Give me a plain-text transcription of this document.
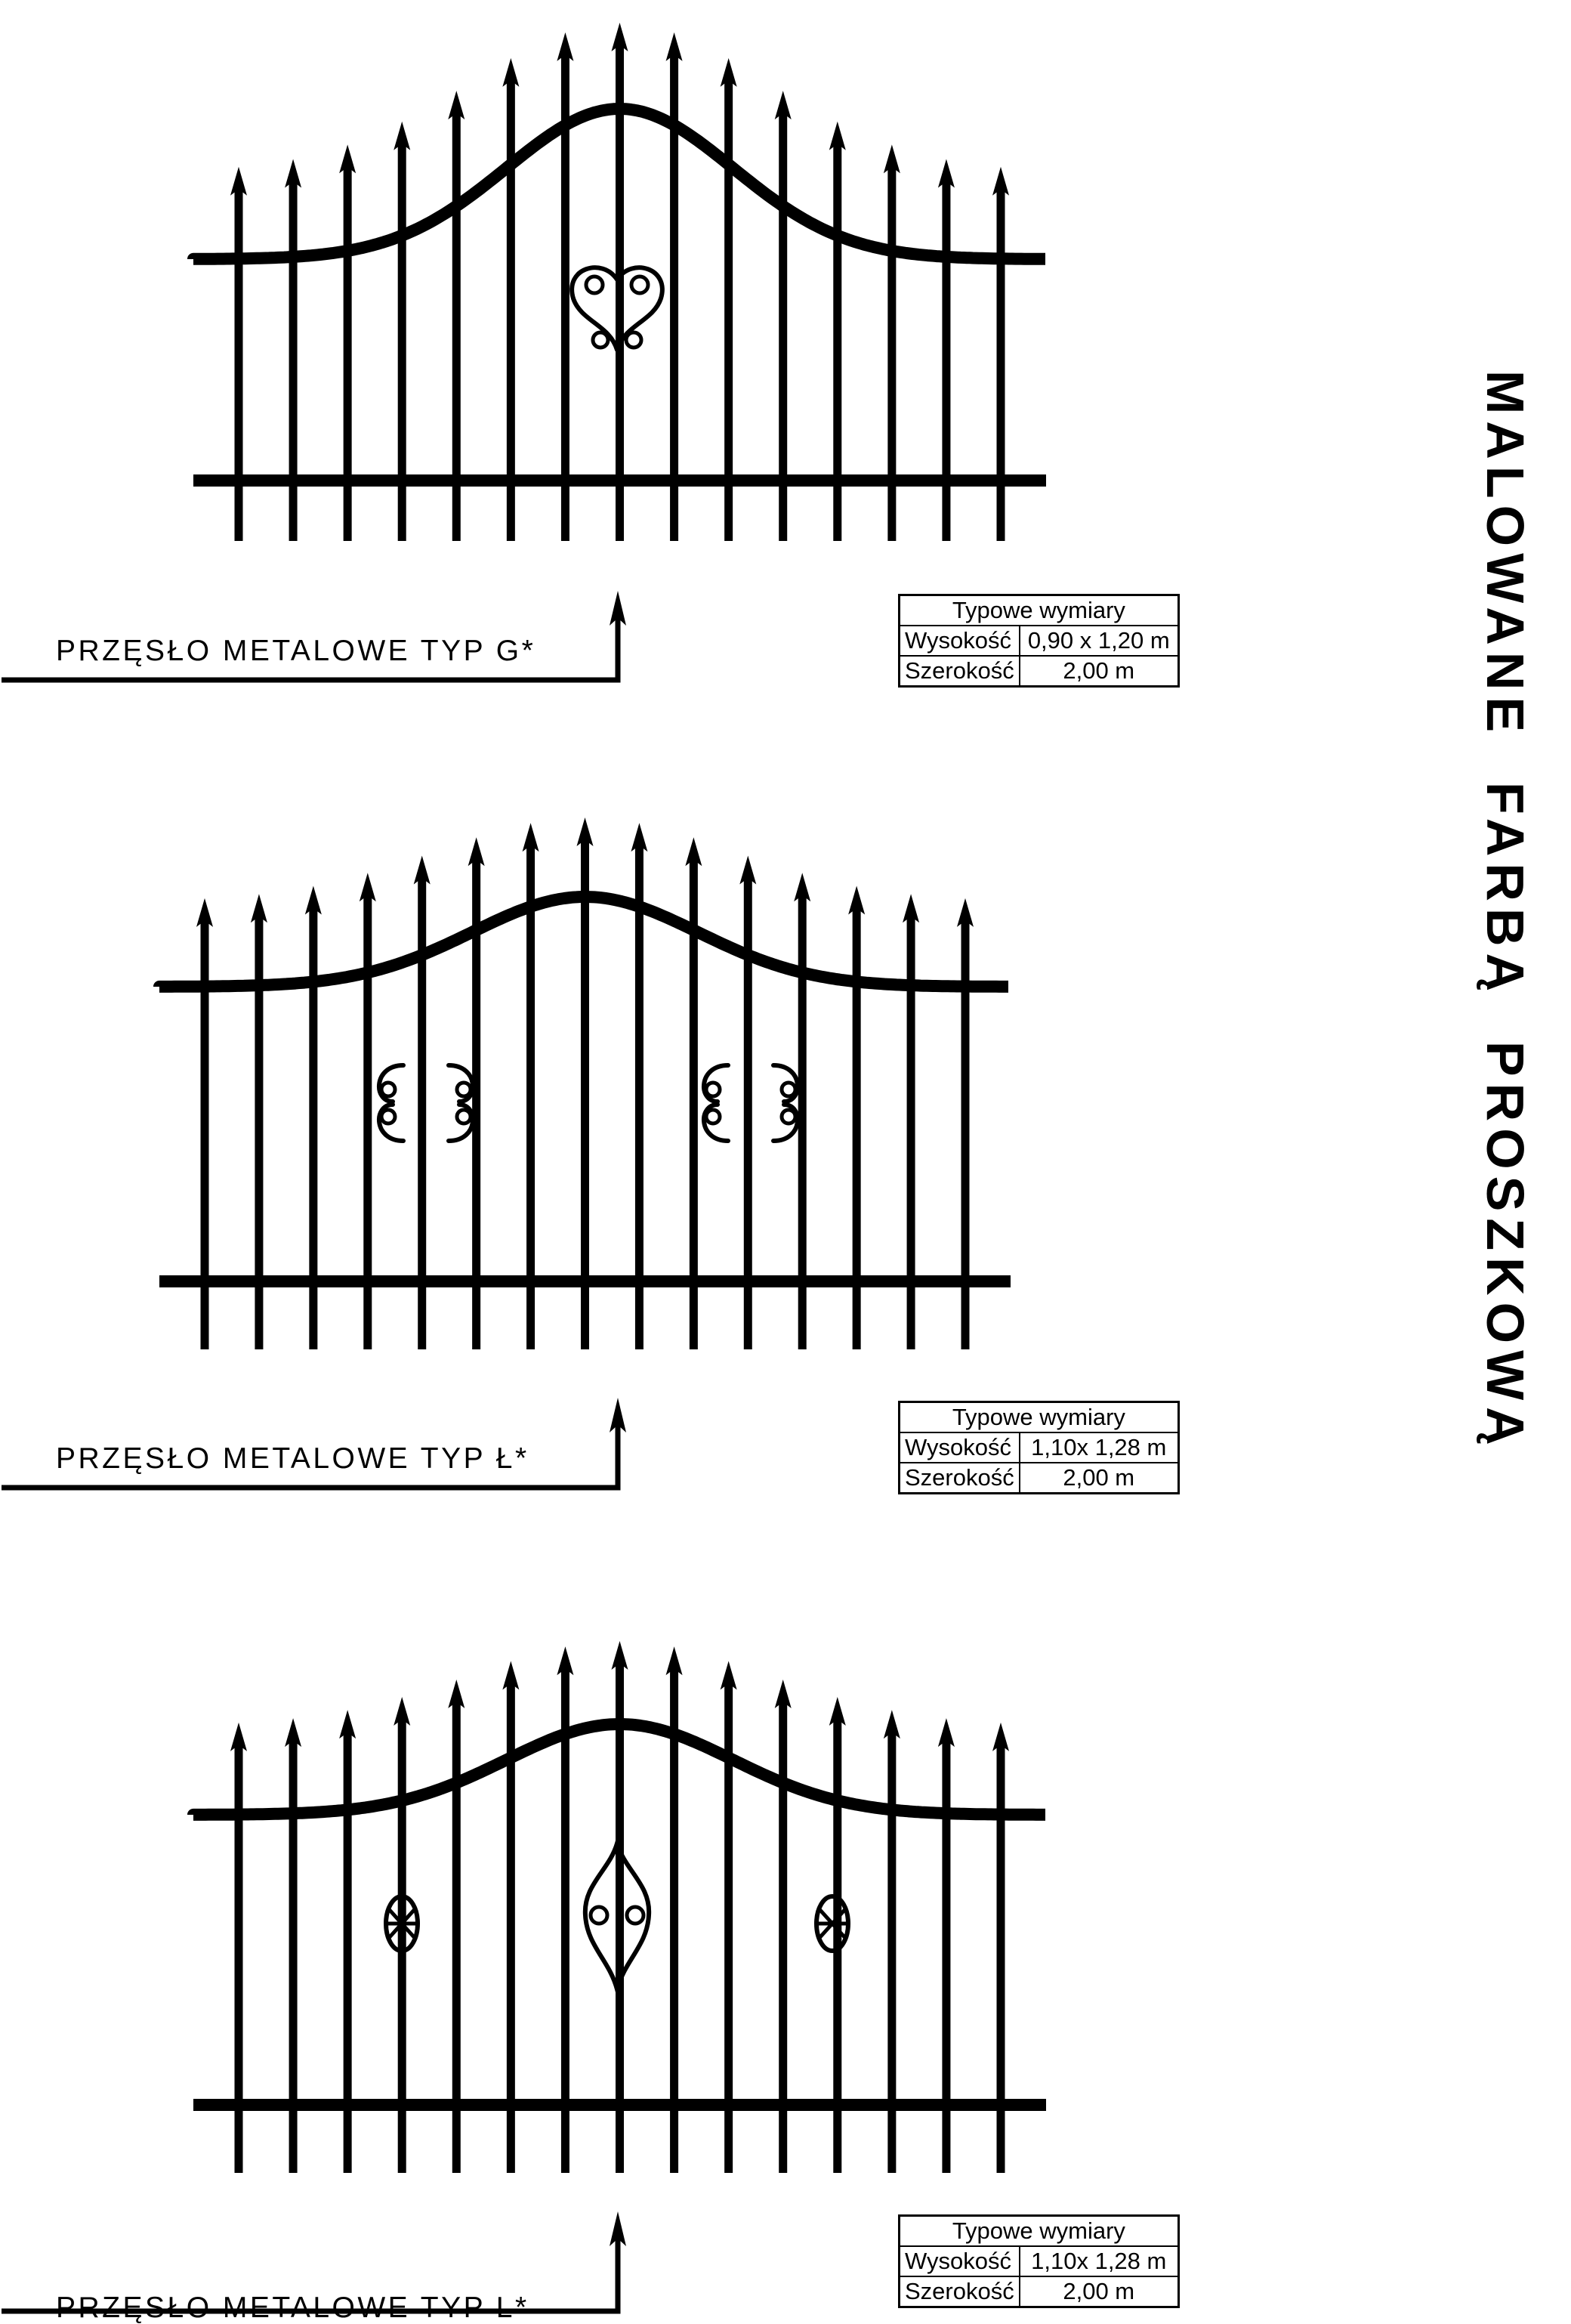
PRZĘSŁO METALOWE TYP G*
Typowe wymiary	
Wysokość	0,90 x 1,20 m
Szerokość	2,00 m
PRZĘSŁO METALOWE TYP Ł*
Typowe wymiary	
Wysokość	1,10x 1,28 m
Szerokość	2,00 m
PRZĘSŁO METALOWE TYP L*
Typowe wymiary	
Wysokość	1,10x 1,28 m
Szerokość	2,00 m
MALOWANE  FARBĄ  PROSZKOWĄ
